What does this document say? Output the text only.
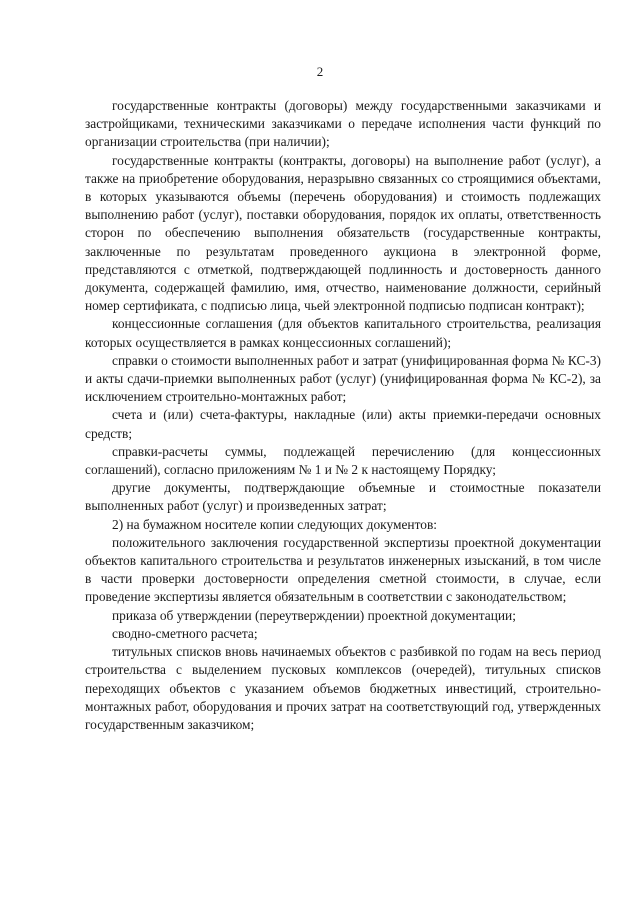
2

государственные контракты (договоры) между государственными заказчиками и застройщиками, техническими заказчиками о передаче исполнения части функций по организации строительства (при наличии);

государственные контракты (контракты, договоры) на выполнение работ (услуг), а также на приобретение оборудования, неразрывно связанных со строящимися объектами, в которых указываются объемы (перечень оборудования) и стоимость подлежащих выполнению работ (услуг), поставки оборудования, порядок их оплаты, ответственность сторон по обеспечению выполнения обязательств (государственные контракты, заключенные по результатам проведенного аукциона в электронной форме, представляются с отметкой, подтверждающей подлинность и достоверность данного документа, содержащей фамилию, имя, отчество, наименование должности, серийный номер сертификата, с подписью лица, чьей электронной подписью подписан контракт);

концессионные соглашения (для объектов капитального строительства, реализация которых осуществляется в рамках концессионных соглашений);

справки о стоимости выполненных работ и затрат (унифицированная форма № КС-3) и акты сдачи-приемки выполненных работ (услуг) (унифицированная форма № КС-2), за исключением строительно-монтажных работ;

счета и (или) счета-фактуры, накладные (или) акты приемки-передачи основных средств;

справки-расчеты суммы, подлежащей перечислению (для концессионных соглашений), согласно приложениям № 1 и № 2 к настоящему Порядку;

другие документы, подтверждающие объемные и стоимостные показатели выполненных работ (услуг) и произведенных затрат;

2) на бумажном носителе копии следующих документов:

положительного заключения государственной экспертизы проектной документации объектов капитального строительства и результатов инженерных изысканий, в том числе в части проверки достоверности определения сметной стоимости, в случае, если проведение экспертизы является обязательным в соответствии с законодательством;

приказа об утверждении (переутверждении) проектной документации;

сводно-сметного расчета;

титульных списков вновь начинаемых объектов с разбивкой по годам на весь период строительства с выделением пусковых комплексов (очередей), титульных списков переходящих объектов с указанием объемов бюджетных инвестиций, строительно-монтажных работ, оборудования и прочих затрат на соответствующий год, утвержденных государственным заказчиком;
